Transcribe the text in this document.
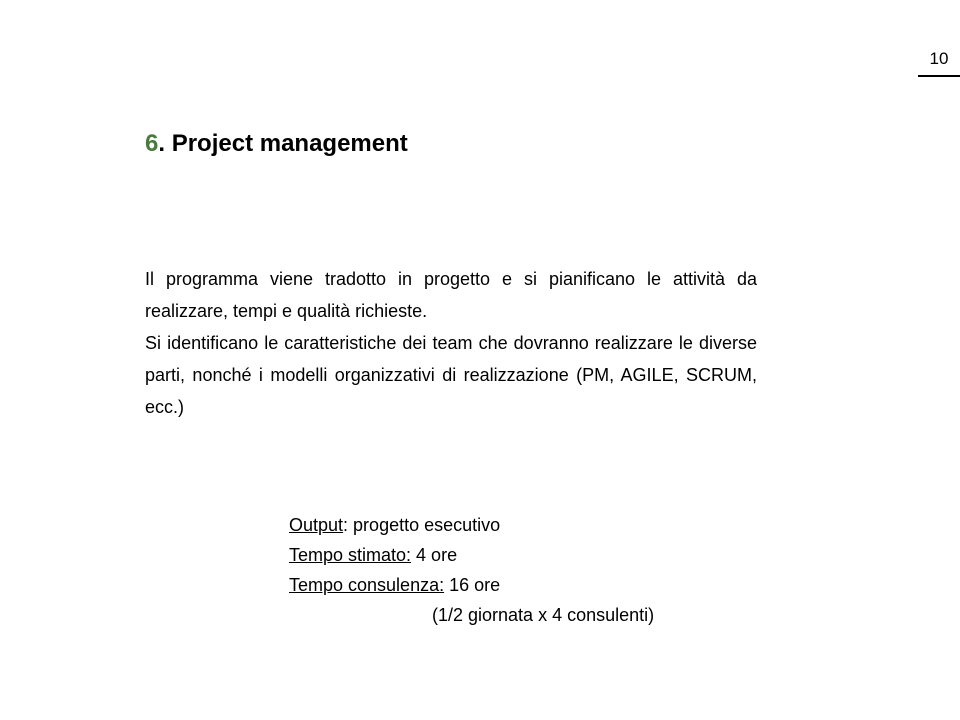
10
6. Project management

Il programma viene tradotto in progetto e si pianificano le attività da realizzare, tempi e qualità richieste.

Si identificano le caratteristiche dei team che dovranno realizzare le diverse parti, nonché i modelli organizzativi di realizzazione (PM, AGILE, SCRUM, ecc.)

Output: progetto esecutivo
Tempo stimato: 4 ore
Tempo consulenza: 16 ore
(1/2 giornata x 4 consulenti)
